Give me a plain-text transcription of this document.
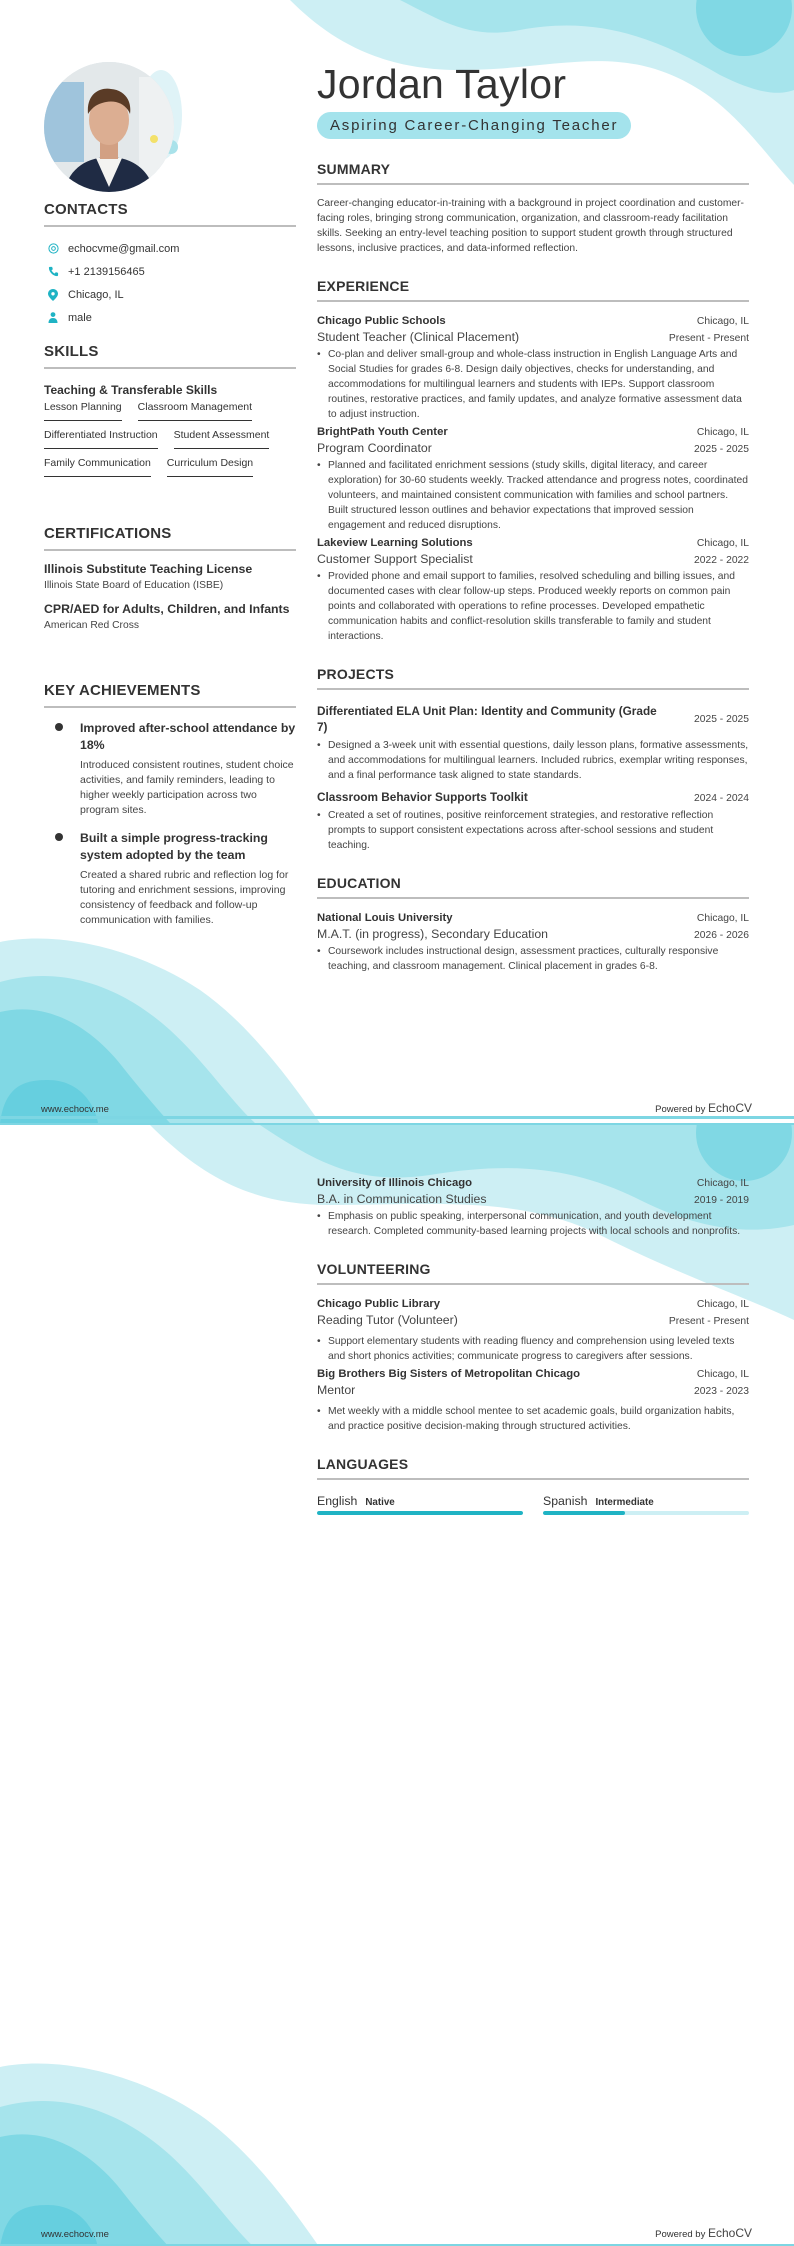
CONTACTS
echocvme@gmail.com
+1 2139156465
Chicago, IL
male
SKILLS
Teaching & Transferable Skills
Lesson Planning Classroom Management
Differentiated Instruction Student Assessment
Family Communication Curriculum Design
CERTIFICATIONS
Illinois Substitute Teaching License
Illinois State Board of Education (ISBE)
CPR/AED for Adults, Children, and Infants
American Red Cross
KEY ACHIEVEMENTS
Improved after-school attendance by 18%
Introduced consistent routines, student choice activities, and family reminders, leading to higher weekly participation across two program sites.
Built a simple progress-tracking system adopted by the team
Created a shared rubric and reflection log for tutoring and enrichment sessions, improving consistency of feedback and follow-up communication with families.
Jordan Taylor
Aspiring Career-Changing Teacher
SUMMARY
Career-changing educator-in-training with a background in project coordination and customer-facing roles, bringing strong communication, organization, and classroom-ready facilitation skills. Seeking an entry-level teaching position to support student growth through structured lessons, inclusive practices, and data-informed reflection.
EXPERIENCE
Chicago Public Schools	Chicago, IL
Student Teacher (Clinical Placement)	Present - Present
• Co-plan and deliver small-group and whole-class instruction in English Language Arts and Social Studies for grades 6-8. Design daily objectives, checks for understanding, and accommodations for multilingual learners and students with IEPs. Support classroom routines, restorative practices, and family updates, and analyze formative assessment data to adjust instruction.
BrightPath Youth Center	Chicago, IL
Program Coordinator	2025 - 2025
• Planned and facilitated enrichment sessions (study skills, digital literacy, and career exploration) for 30-60 students weekly. Tracked attendance and progress notes, coordinated volunteers, and maintained consistent communication with families and school partners. Built structured lesson outlines and behavior expectations that improved session engagement and reduced disruptions.
Lakeview Learning Solutions	Chicago, IL
Customer Support Specialist	2022 - 2022
• Provided phone and email support to families, resolved scheduling and billing issues, and documented cases with clear follow-up steps. Produced weekly reports on common pain points and collaborated with operations to refine processes. Developed empathetic communication habits and conflict-resolution skills transferable to family and student interactions.
PROJECTS
Differentiated ELA Unit Plan: Identity and Community (Grade 7)
2025 - 2025
• Designed a 3-week unit with essential questions, daily lesson plans, formative assessments, and accommodations for multilingual learners. Included rubrics, exemplar writing responses, and a final performance task aligned to state standards.
Classroom Behavior Supports Toolkit	2024 - 2024
• Created a set of routines, positive reinforcement strategies, and restorative reflection prompts to support consistent expectations across after-school sessions and student teaching.
EDUCATION
National Louis University	Chicago, IL
M.A.T. (in progress), Secondary Education	2026 - 2026
• Coursework includes instructional design, assessment practices, culturally responsive teaching, and classroom management. Clinical placement in grades 6-8.
www.echocv.me	Powered by EchoCV
University of Illinois Chicago	Chicago, IL
B.A. in Communication Studies	2019 - 2019
• Emphasis on public speaking, interpersonal communication, and youth development research. Completed community-based learning projects with local schools and nonprofits.
VOLUNTEERING
Chicago Public Library	Chicago, IL
Reading Tutor (Volunteer)	Present - Present
• Support elementary students with reading fluency and comprehension using leveled texts and short phonics activities; communicate progress to caregivers after sessions.
Big Brothers Big Sisters of Metropolitan Chicago	Chicago, IL
Mentor	2023 - 2023
• Met weekly with a middle school mentee to set academic goals, build organization habits, and practice positive decision-making through structured activities.
LANGUAGES
English Native	Spanish Intermediate
www.echocv.me	Powered by EchoCV
